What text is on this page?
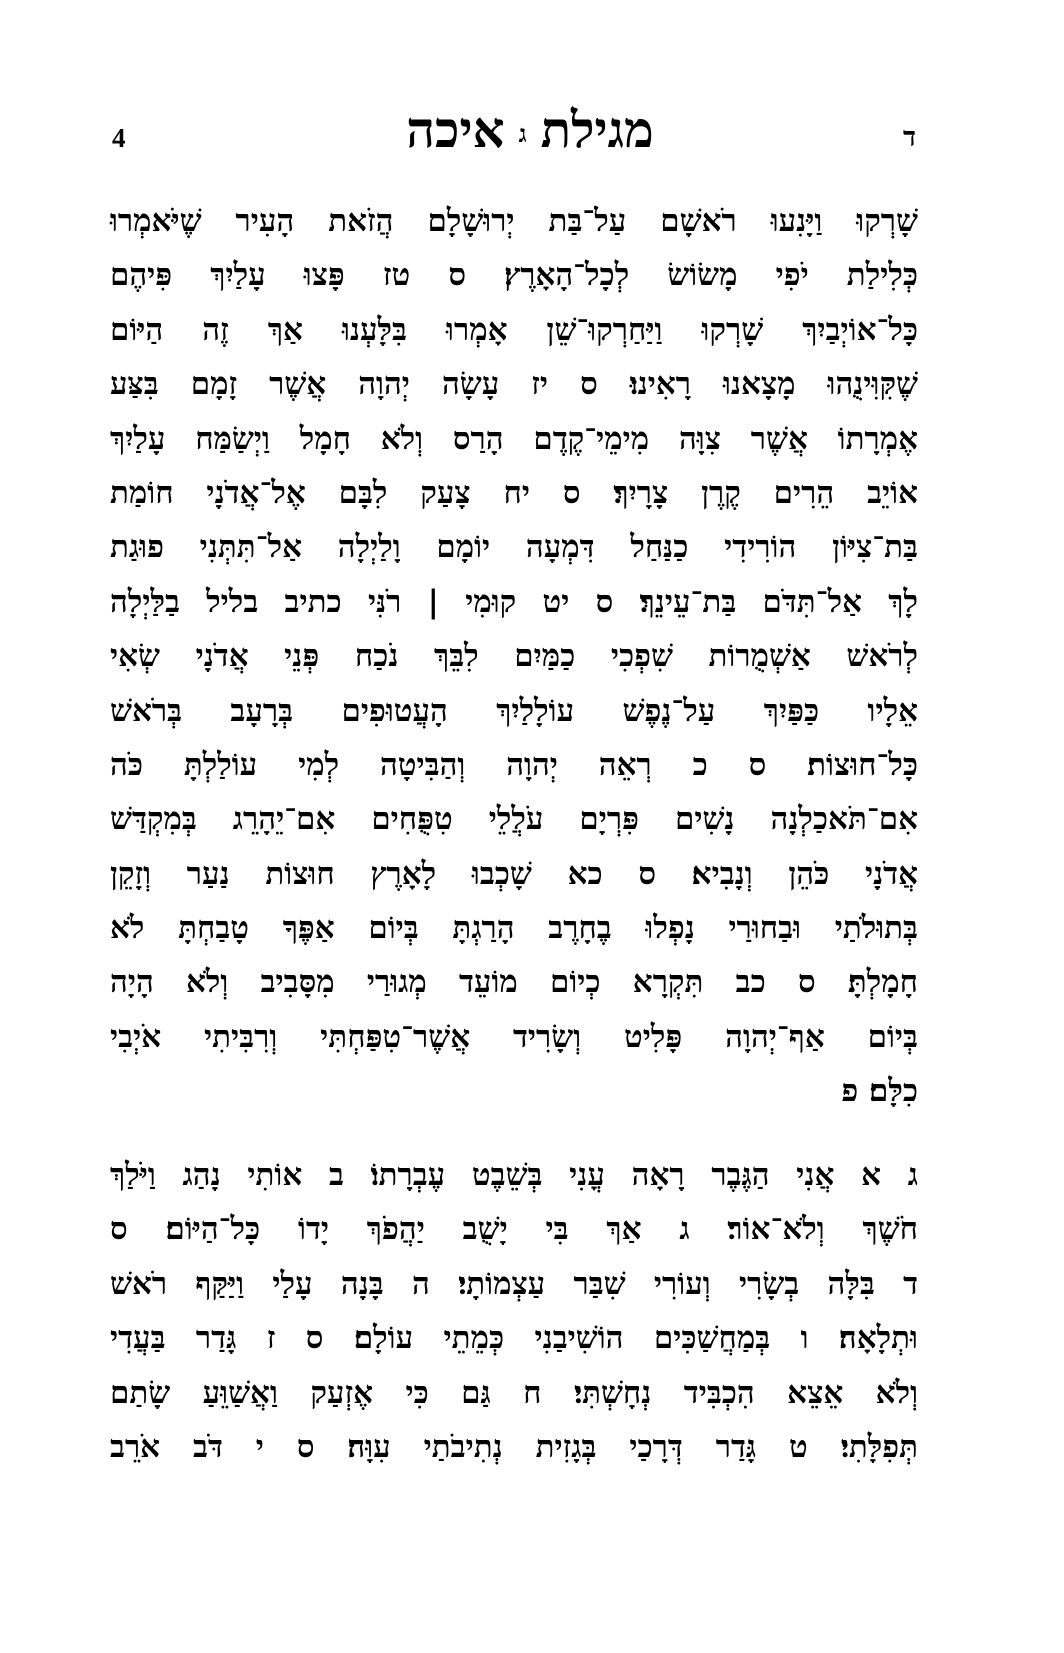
4	מגילתגאיכה	ד
שָׁרְקוּ וַיָּנִעוּ רֹאשָׁם עַל־בַּת יְרוּשָׁלָם הֲזֹאת הָעִיר שֶׁיֹּאמְרוּ
כְּלִילַת יֹפִי מָשׂוֹשׂ לְכָל־הָאָרֶץ׃ ס טז פָּצוּ עָלַיִךְ פִּיהֶם
כָּל־אוֹיְבַיִךְ שָׁרְקוּ וַיַּחַרְקוּ־שֵׁן אָמְרוּ בִּלָּעְנוּ אַךְ זֶה הַיּוֹם
שֶׁקִּוִּינֻהוּ מָצָאנוּ רָאִינוּ׃ ס יז עָשָׂה יְהוָה אֲשֶׁר זָמָם בִּצַּע
אֶמְרָתוֹ אֲשֶׁר צִוָּה מִימֵי־קֶדֶם הָרַס וְלֹא חָמָל וַיְשַׂמַּח עָלַיִךְ
אוֹיֵב הֵרִים קֶרֶן צָרָיִךְ׃ ס יח צָעַק לִבָּם אֶל־אֲדֹנָי חוֹמַת
בַּת־צִיּוֹן הוֹרִידִי כַנַּחַל דִּמְעָה יוֹמָם וָלַיְלָה אַל־תִּתְּנִי פוּגַת
לָךְ אַל־תִּדֹּם בַּת־עֵינֵךְ׃ ס יט קוּמִי | רֹנִּי כתיב בליל בַלַּיְלָה
לְרֹאשׁ אַשְׁמֻרוֹת שִׁפְכִי כַמַּיִם לִבֵּךְ נֹכַח פְּנֵי אֲדֹנָי שְׂאִי
אֵלָיו כַּפַּיִךְ עַל־נֶפֶשׁ עוֹלָלַיִךְ הָעֲטוּפִים בְּרָעָב בְּרֹאשׁ
כָּל־חוּצוֹת׃ ס כ רְאֵה יְהוָה וְהַבִּיטָה לְמִי עוֹלַלְתָּ כֹּה
אִם־תֹּאכַלְנָה נָשִׁים פִּרְיָם עֹלֲלֵי טִפֻּחִים אִם־יֵהָרֵג בְּמִקְדַּשׁ
אֲדֹנָי כֹּהֵן וְנָבִיא׃ ס כא שָׁכְבוּ לָאָרֶץ חוּצוֹת נַעַר וְזָקֵן
בְּתוּלֹתַי וּבַחוּרַי נָפְלוּ בֶחָרֶב הָרַגְתָּ בְּיוֹם אַפֶּךָ טָבַחְתָּ לֹא
חָמָלְתָּ׃ ס כב תִּקְרָא כְיוֹם מוֹעֵד מְגוּרַי מִסָּבִיב וְלֹא הָיָה
בְּיוֹם אַף־יְהוָה פָּלִיט וְשָׂרִיד אֲשֶׁר־טִפַּחְתִּי וְרִבִּיתִי אֹיְבִי
כִלָּם׃ פ
ג א אֲנִי הַגֶּבֶר רָאָה עֳנִי בְּשֵׁבֶט עֶבְרָתוֹ׃ ב אוֹתִי נָהַג וַיֹּלַךְ
חֹשֶׁךְ וְלֹא־אוֹר׃ ג אַךְ בִּי יָשֻׁב יַהֲפֹךְ יָדוֹ כָּל־הַיּוֹם׃ ס
ד בִּלָּה בְשָׂרִי וְעוֹרִי שִׁבַּר עַצְמוֹתָי׃ ה בָּנָה עָלַי וַיַּקַּף רֹאשׁ
וּתְלָאָה׃ ו בְּמַחֲשַׁכִּים הוֹשִׁיבַנִי כְּמֵתֵי עוֹלָם׃ ס ז גָּדַר בַּעֲדִי
וְלֹא אֵצֵא הִכְבִּיד נְחָשְׁתִּי׃ ח גַּם כִּי אֶזְעַק וַאֲשַׁוֵּעַ שָׂתַם
תְּפִלָּתִי׃ ט גָּדַר דְּרָכַי בְּגָזִית נְתִיבֹתַי עִוָּה׃ ס י דֹּב אֹרֵב
